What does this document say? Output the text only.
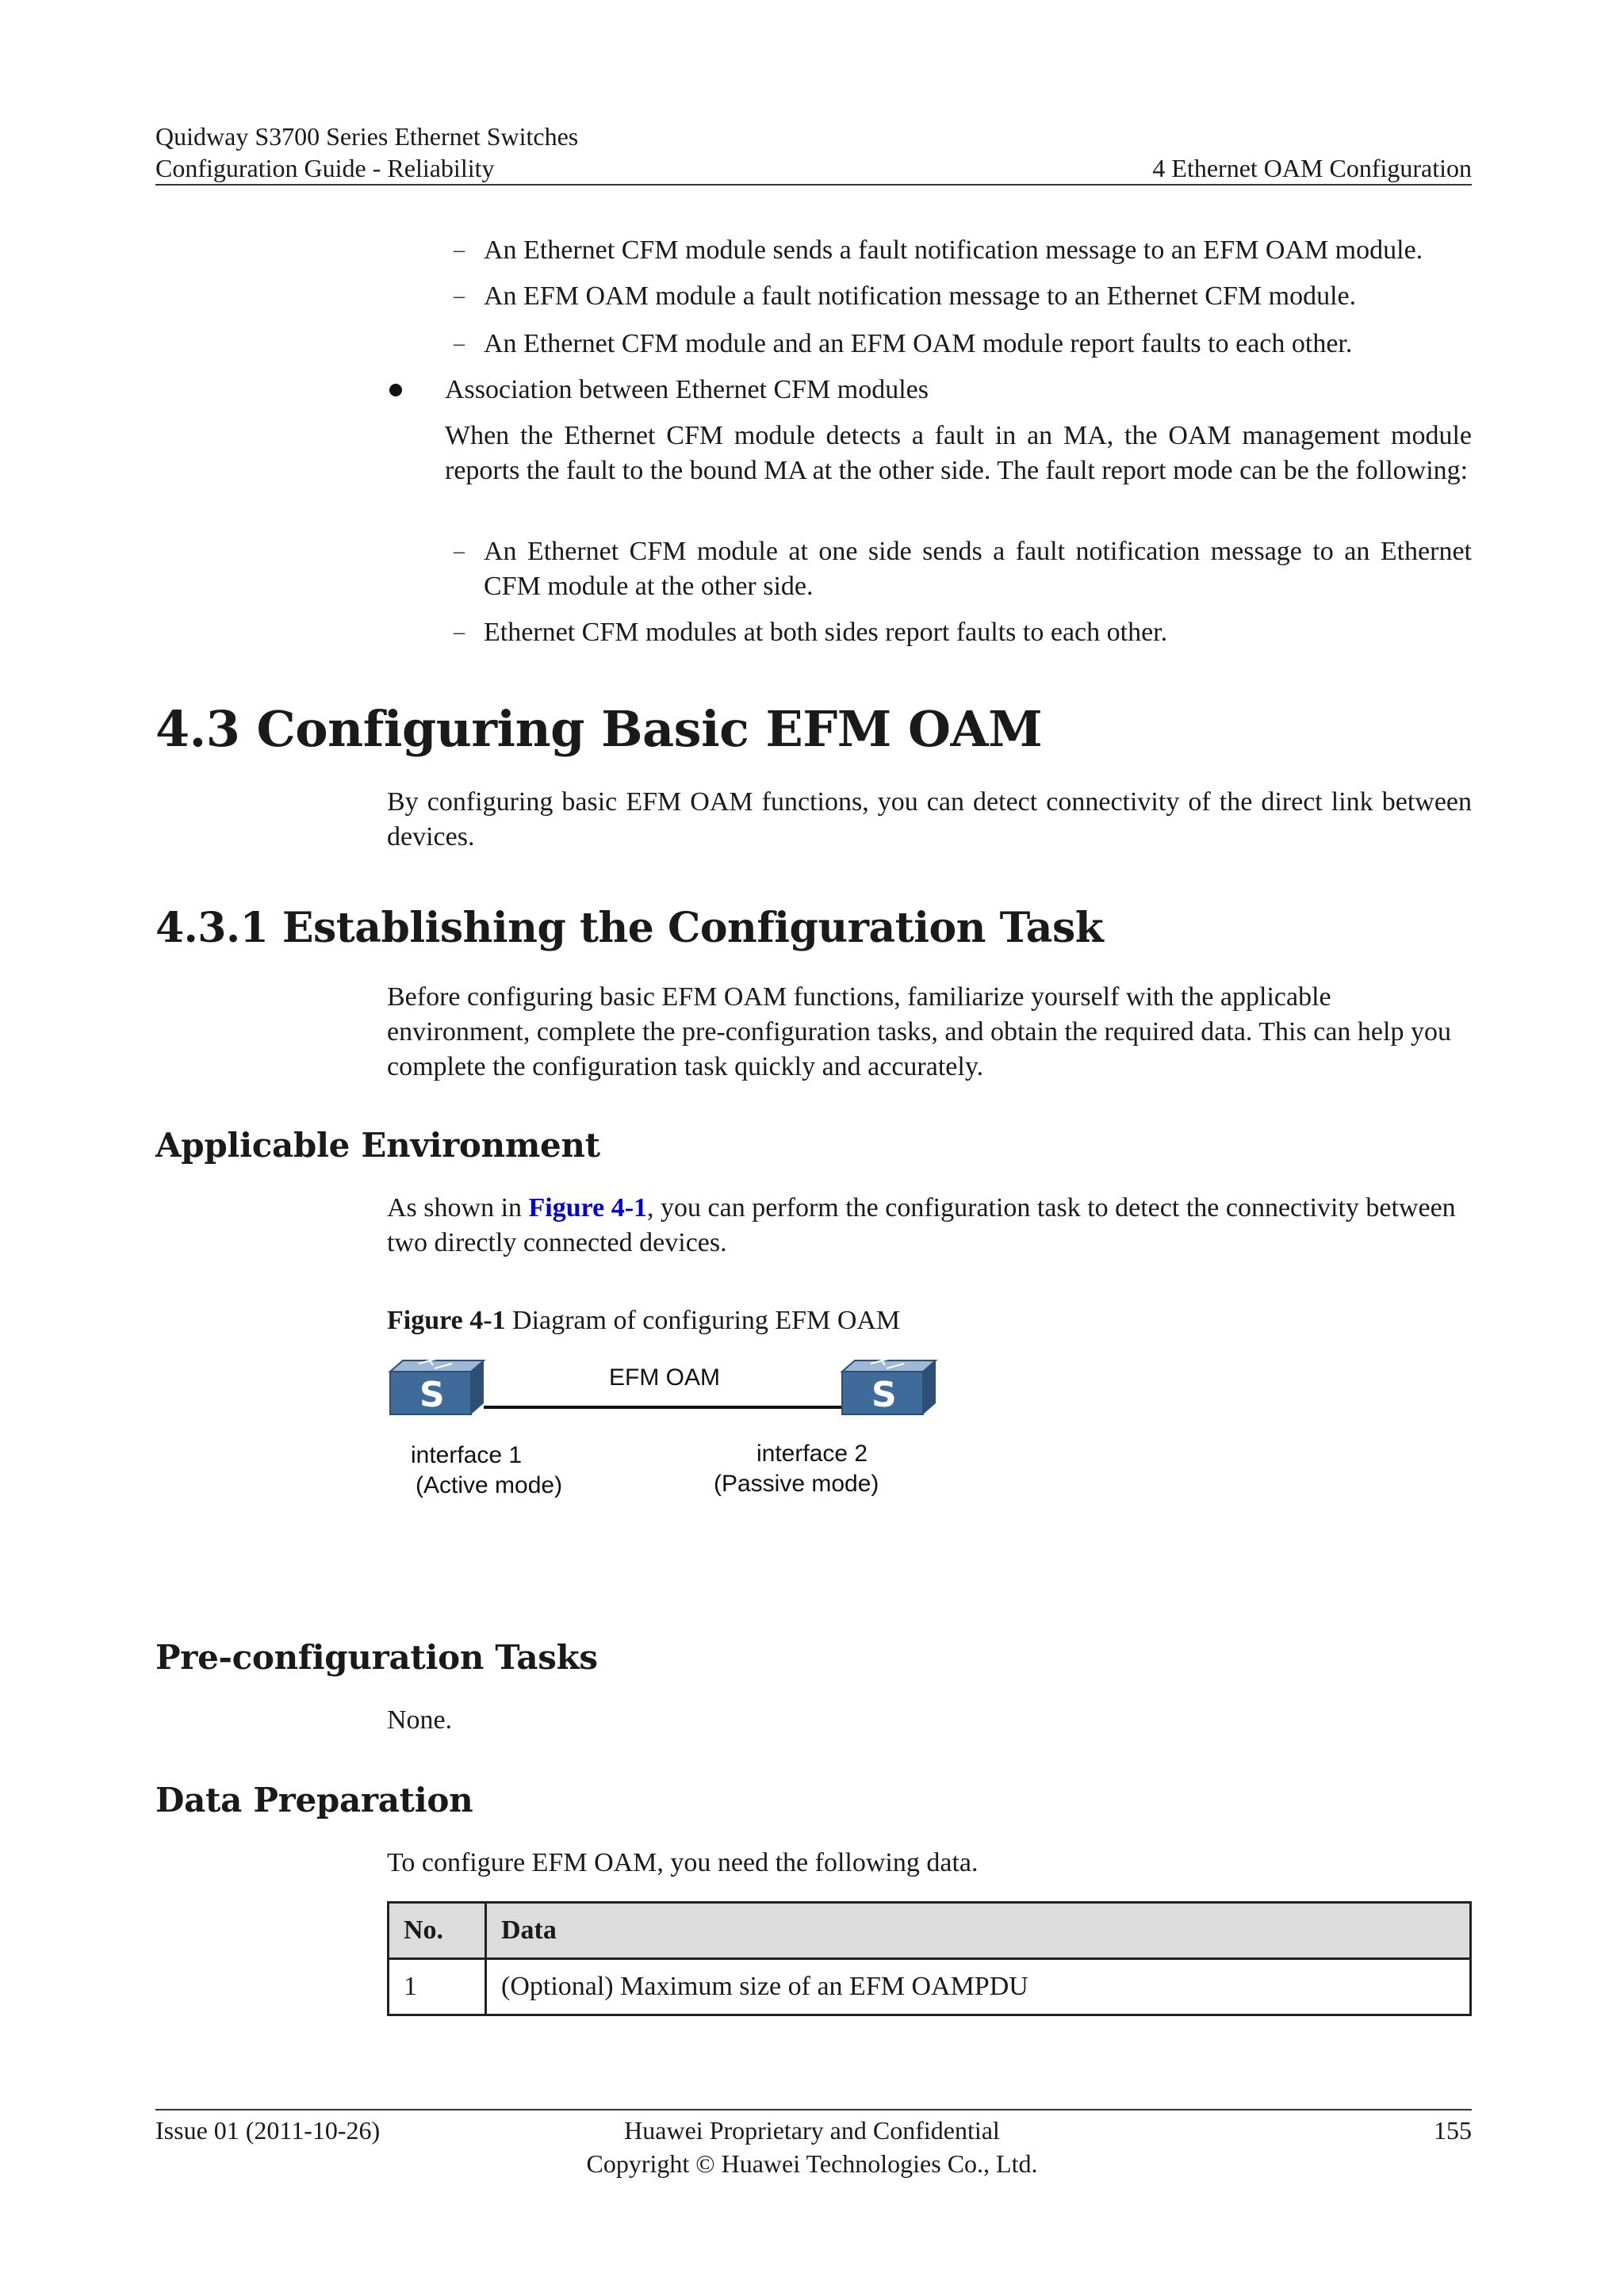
Quidway S3700 Series Ethernet Switches
Configuration Guide - Reliability	4 Ethernet OAM Configuration
– An Ethernet CFM module sends a fault notification message to an EFM OAM module.
– An EFM OAM module a fault notification message to an Ethernet CFM module.
– An Ethernet CFM module and an EFM OAM module report faults to each other.
Association between Ethernet CFM modules
When the Ethernet CFM module detects a fault in an MA, the OAM management module reports the fault to the bound MA at the other side. The fault report mode can be the following:
– An Ethernet CFM module at one side sends a fault notification message to an Ethernet CFM module at the other side.
– Ethernet CFM modules at both sides report faults to each other.
4.3 Configuring Basic EFM OAM
By configuring basic EFM OAM functions, you can detect connectivity of the direct link between devices.
4.3.1 Establishing the Configuration Task
Before configuring basic EFM OAM functions, familiarize yourself with the applicable environment, complete the pre-configuration tasks, and obtain the required data. This can help you complete the configuration task quickly and accurately.
Applicable Environment
As shown in Figure 4-1, you can perform the configuration task to detect the connectivity between two directly connected devices.
Figure 4-1 Diagram of configuring EFM OAM
S	S
EFM OAM
interface 1
(Active mode)
interface 2
(Passive mode)
Pre-configuration Tasks
None.
Data Preparation
To configure EFM OAM, you need the following data.
No.	Data
1	(Optional) Maximum size of an EFM OAMPDU
Issue 01 (2011-10-26)	Huawei Proprietary and Confidential
Copyright © Huawei Technologies Co., Ltd.
155
